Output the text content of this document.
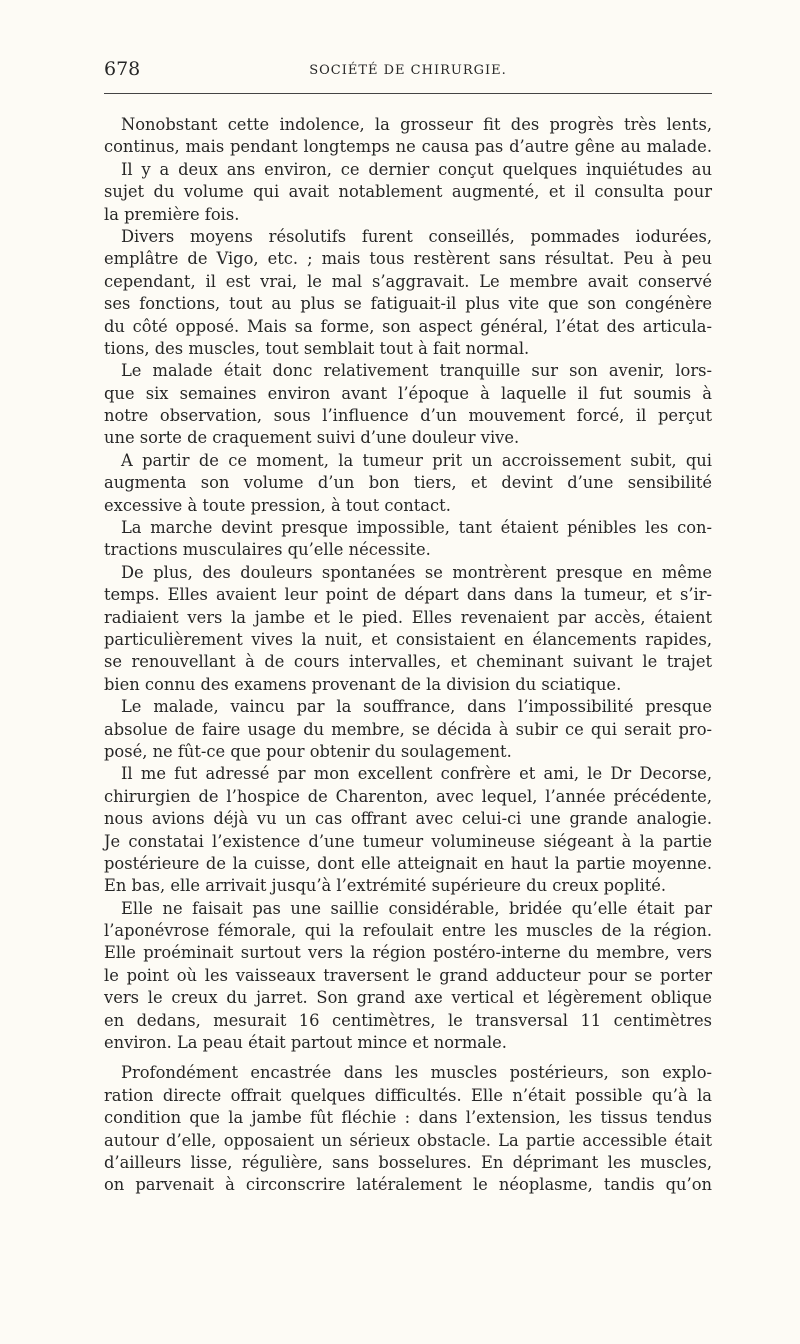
678	SOCIÉTÉ DE CHIRURGIE.
Nonobstant cette indolence, la grosseur fit des progrès très lents,
continus, mais pendant longtemps ne causa pas d’autre gêne au malade.
Il y a deux ans environ, ce dernier conçut quelques inquiétudes au
sujet du volume qui avait notablement augmenté, et il consulta pour
la première fois.
Divers moyens résolutifs furent conseillés, pommades iodurées,
emplâtre de Vigo, etc. ; mais tous restèrent sans résultat. Peu à peu
cependant, il est vrai, le mal s’aggravait. Le membre avait conservé
ses fonctions, tout au plus se fatiguait-il plus vite que son congénère
du côté opposé. Mais sa forme, son aspect général, l’état des articula-
tions, des muscles, tout semblait tout à fait normal.
Le malade était donc relativement tranquille sur son avenir, lors-
que six semaines environ avant l’époque à laquelle il fut soumis à
notre observation, sous l’influence d’un mouvement forcé, il perçut
une sorte de craquement suivi d’une douleur vive.
A partir de ce moment, la tumeur prit un accroissement subit, qui
augmenta son volume d’un bon tiers, et devint d’une sensibilité
excessive à toute pression, à tout contact.
La marche devint presque impossible, tant étaient pénibles les con-
tractions musculaires qu’elle nécessite.
De plus, des douleurs spontanées se montrèrent presque en même
temps. Elles avaient leur point de départ dans dans la tumeur, et s’ir-
radiaient vers la jambe et le pied. Elles revenaient par accès, étaient
particulièrement vives la nuit, et consistaient en élancements rapides,
se renouvellant à de cours intervalles, et cheminant suivant le trajet
bien connu des examens provenant de la division du sciatique.
Le malade, vaincu par la souffrance, dans l’impossibilité presque
absolue de faire usage du membre, se décida à subir ce qui serait pro-
posé, ne fût-ce que pour obtenir du soulagement.
Il me fut adressé par mon excellent confrère et ami, le Dr Decorse,
chirurgien de l’hospice de Charenton, avec lequel, l’année précédente,
nous avions déjà vu un cas offrant avec celui-ci une grande analogie.
Je constatai l’existence d’une tumeur volumineuse siégeant à la partie
postérieure de la cuisse, dont elle atteignait en haut la partie moyenne.
En bas, elle arrivait jusqu’à l’extrémité supérieure du creux poplité.
Elle ne faisait pas une saillie considérable, bridée qu’elle était par
l’aponévrose fémorale, qui la refoulait entre les muscles de la région.
Elle proéminait surtout vers la région postéro-interne du membre, vers
le point où les vaisseaux traversent le grand adducteur pour se porter
vers le creux du jarret. Son grand axe vertical et légèrement oblique
en dedans, mesurait 16 centimètres, le transversal 11 centimètres
environ. La peau était partout mince et normale.
Profondément encastrée dans les muscles postérieurs, son explo-
ration directe offrait quelques difficultés. Elle n’était possible qu’à la
condition que la jambe fût fléchie : dans l’extension, les tissus tendus
autour d’elle, opposaient un sérieux obstacle. La partie accessible était
d’ailleurs lisse, régulière, sans bosselures. En déprimant les muscles,
on parvenait à circonscrire latéralement le néoplasme, tandis qu’on
